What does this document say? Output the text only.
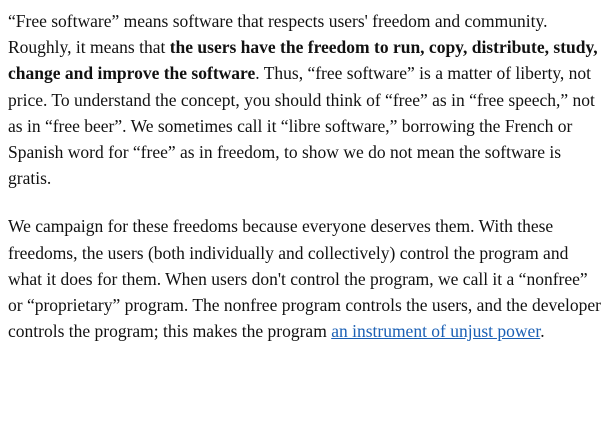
“Free software” means software that respects users' freedom and community. Roughly, it means that the users have the freedom to run, copy, distribute, study, change and improve the software. Thus, “free software” is a matter of liberty, not price. To understand the concept, you should think of “free” as in “free speech,” not as in “free beer”. We sometimes call it “libre software,” borrowing the French or Spanish word for “free” as in freedom, to show we do not mean the software is gratis.

We campaign for these freedoms because everyone deserves them. With these freedoms, the users (both individually and collectively) control the program and what it does for them. When users don't control the program, we call it a “nonfree” or “proprietary” program. The nonfree program controls the users, and the developer controls the program; this makes the program an instrument of unjust power.
